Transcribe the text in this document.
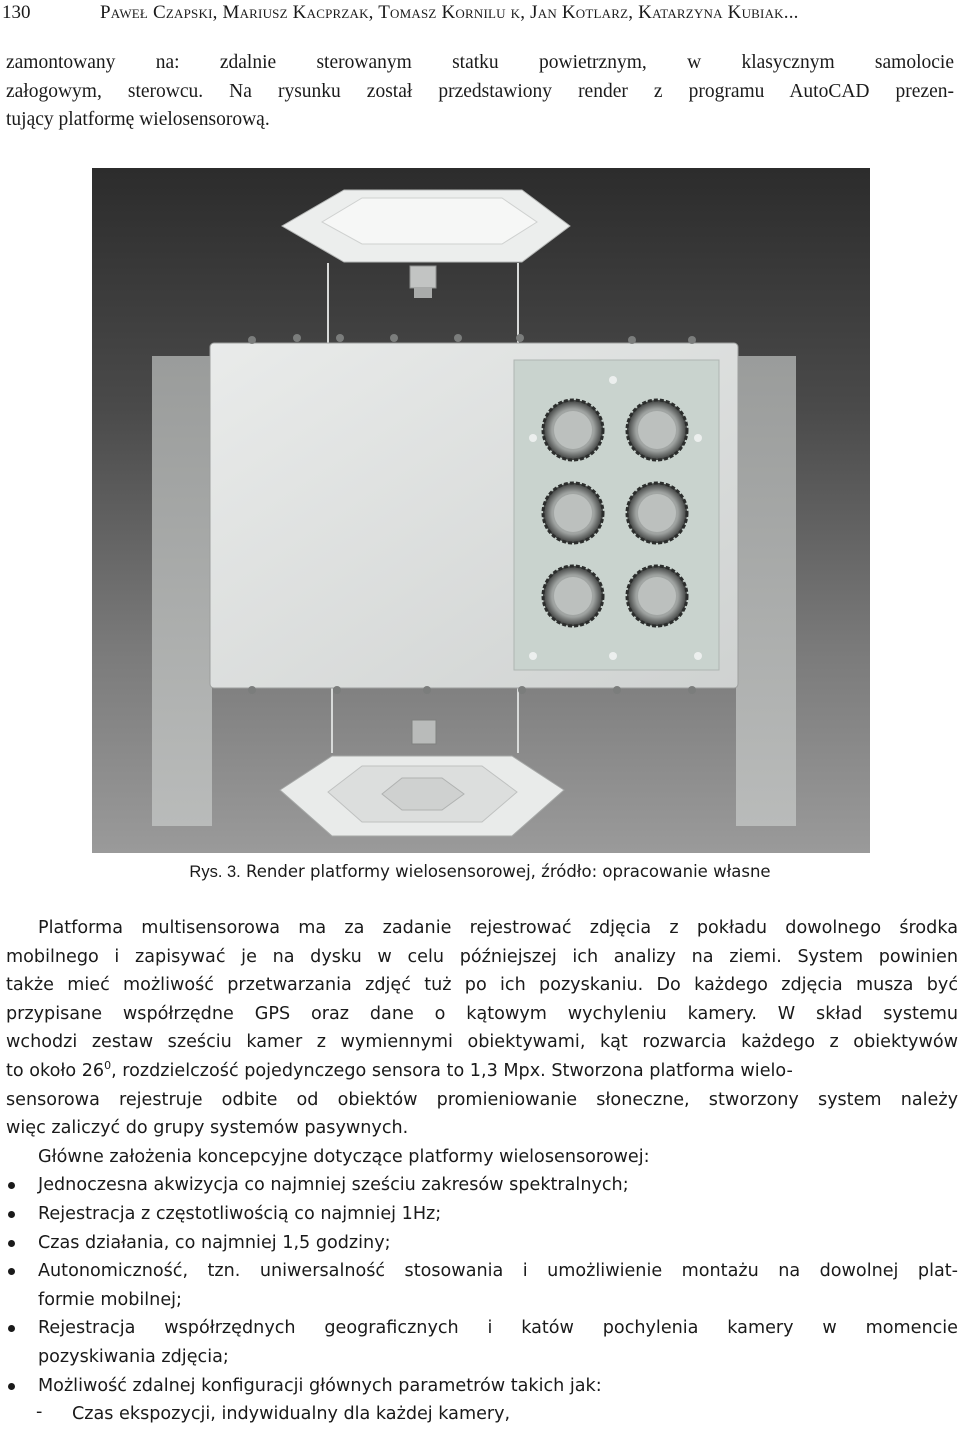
130	Paweł Czapski, Mariusz Kacprzak, Tomasz Kornilu k, Jan Kotlarz, Katarzyna Kubiak...
zamontowany na: zdalnie sterowanym statku powietrznym, w klasycznym samolocie
załogowym, sterowcu. Na rysunku został przedstawiony render z programu AutoCAD prezen-
tujący platformę wielosensorową.
Rys. 3. Render platformy wielosensorowej, źródło: opracowanie własne
Platforma multisensorowa ma za zadanie rejestrować zdjęcia z pokładu dowolnego środka
mobilnego i zapisywać je na dysku w celu późniejszej ich analizy na ziemi. System powinien
także mieć możliwość przetwarzania zdjęć tuż po ich pozyskaniu. Do każdego zdjęcia musza być
przypisane współrzędne GPS oraz dane o kątowym wychyleniu kamery. W skład systemu
wchodzi zestaw sześciu kamer z wymiennymi obiektywami, kąt rozwarcia każdego z obiektywów
to około $26^0$, rozdzielczość pojedynczego sensora to 1,3 Mpx. Stworzona platforma wielo-
sensorowa rejestruje odbite od obiektów promieniowanie słoneczne, stworzony system należy
więc zaliczyć do grupy systemów pasywnych.
Główne założenia koncepcyjne dotyczące platformy wielosensorowej:
Jednoczesna akwizycja co najmniej sześciu zakresów spektralnych;
Rejestracja z częstotliwością co najmniej 1Hz;
Czas działania, co najmniej 1,5 godziny;
Autonomiczność, tzn. uniwersalność stosowania i umożliwienie montażu na dowolnej plat-
formie mobilnej;
Rejestracja współrzędnych geograficznych i katów pochylenia kamery w momencie
pozyskiwania zdjęcia;
Możliwość zdalnej konfiguracji głównych parametrów takich jak:
- Czas ekspozycji, indywidualny dla każdej kamery,
